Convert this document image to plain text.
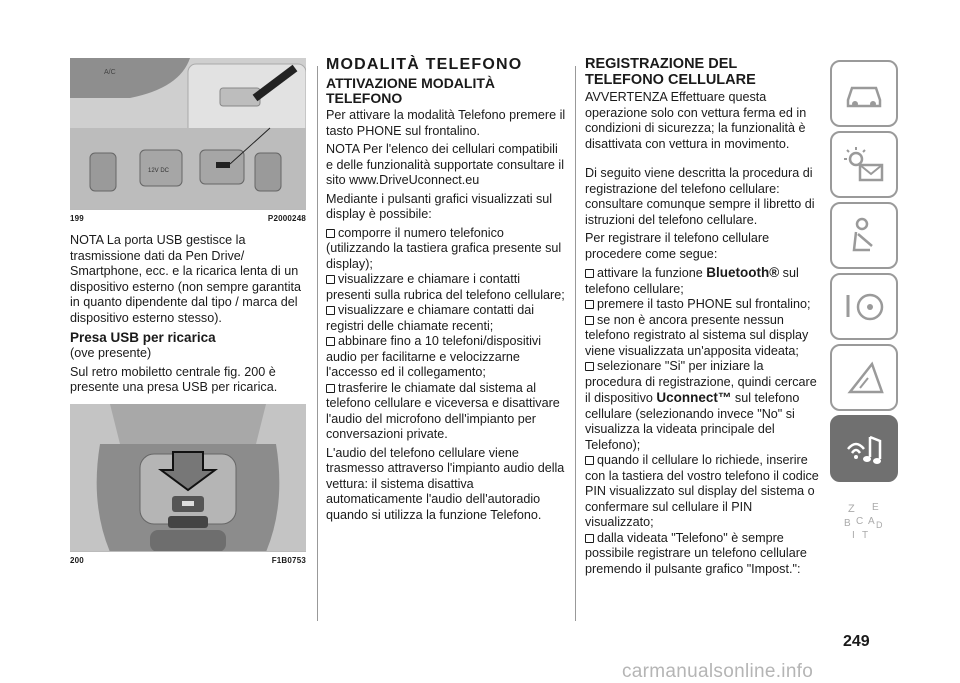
A/C
12V DC
199	P2000248

NOTA La porta USB gestisce la trasmissione dati da Pen Drive/ Smartphone, ecc. e la ricarica lenta di un dispositivo esterno (non sempre garantita in quanto dipendente dal tipo / marca del dispositivo esterno stesso).

Presa USB per ricarica

(ove presente)

Sul retro mobiletto centrale fig. 200 è presente una presa USB per ricarica.

200	F1B0753
MODALITÀ TELEFONO
ATTIVAZIONE MODALITÀ TELEFONO

Per attivare la modalità Telefono premere il tasto PHONE sul frontalino.

NOTA Per l'elenco dei cellulari compatibili e delle funzionalità supportate consultare il sito www.DriveUconnect.eu

Mediante i pulsanti grafici visualizzati sul display è possibile:

comporre il numero telefonico (utilizzando la tastiera grafica presente sul display);
visualizzare e chiamare i contatti presenti sulla rubrica del telefono cellulare;
visualizzare e chiamare contatti dai registri delle chiamate recenti;
abbinare fino a 10 telefoni/dispositivi audio per facilitarne e velocizzarne l'accesso ed il collegamento;

trasferire le chiamate dal sistema al telefono cellulare e viceversa e disattivare l'audio del microfono dell'impianto per conversazioni private.

L'audio del telefono cellulare viene trasmesso attraverso l'impianto audio della vettura: il sistema disattiva automaticamente l'audio dell'autoradio quando si utilizza la funzione Telefono.

REGISTRAZIONE DEL TELEFONO CELLULARE

AVVERTENZA Effettuare questa operazione solo con vettura ferma ed in condizioni di sicurezza; la funzionalità è disattivata con vettura in movimento.

Di seguito viene descritta la procedura di registrazione del telefono cellulare: consultare comunque sempre il libretto di istruzioni del telefono cellulare.

Per registrare il telefono cellulare procedere come segue:

attivare la funzione Bluetooth® sul telefono cellulare;
premere il tasto PHONE sul frontalino;
se non è ancora presente nessun telefono registrato al sistema sul display viene visualizzata un'apposita videata;
selezionare "Si" per iniziare la procedura di registrazione, quindi cercare il dispositivo Uconnect™ sul telefono cellulare (selezionando invece "No" si visualizza la videata principale del Telefono);
quando il cellulare lo richiede, inserire con la tastiera del vostro telefono il codice PIN visualizzato sul display del sistema o confermare sul cellulare il PIN visualizzato;
dalla videata "Telefono" è sempre possibile registrare un telefono cellulare premendo il pulsante grafico "Impost.":
Z E
B C A D
I T
249
carmanualsonline.info
